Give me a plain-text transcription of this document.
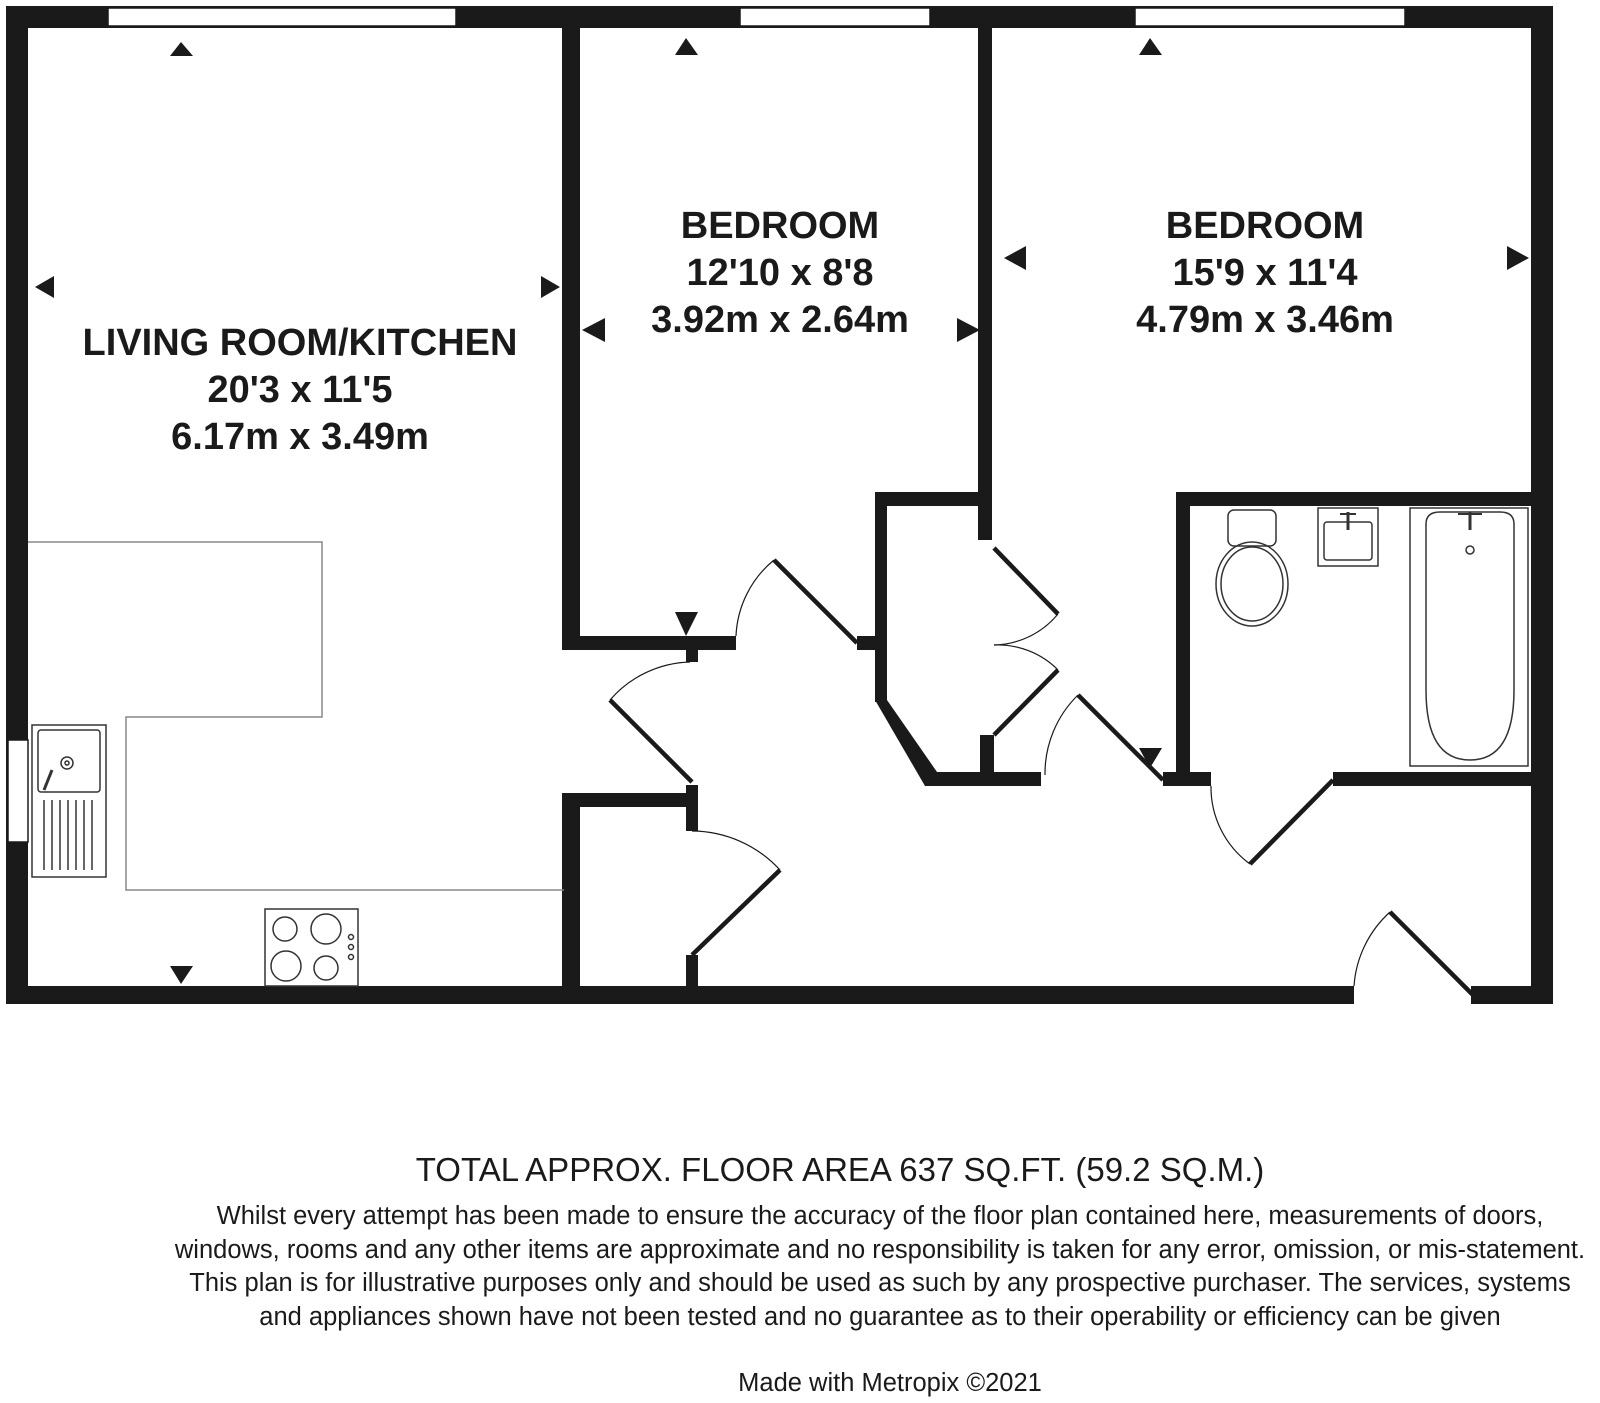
LIVING ROOM/KITCHEN
20'3 x 11'5
6.17m x 3.49m
BEDROOM
12'10 x 8'8
3.92m x 2.64m
BEDROOM
15'9 x 11'4
4.79m x 3.46m
TOTAL APPROX. FLOOR AREA 637 SQ.FT. (59.2 SQ.M.)
Whilst every attempt has been made to ensure the accuracy of the floor plan contained here, measurements of doors, windows, rooms and any other items are approximate and no responsibility is taken for any error, omission, or mis-statement. This plan is for illustrative purposes only and should be used as such by any prospective purchaser. The services, systems and appliances shown have not been tested and no guarantee as to their operability or efficiency can be given
Made with Metropix ©2021
